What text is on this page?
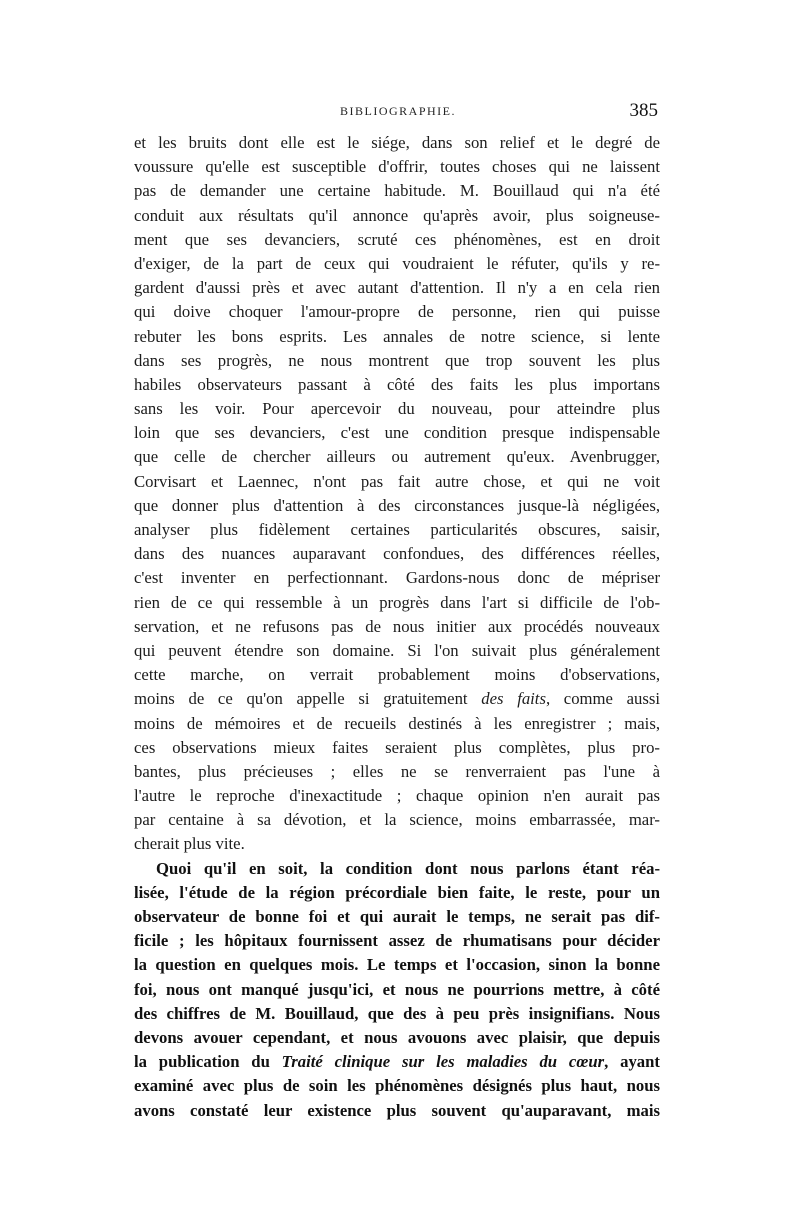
BIBLIOGRAPHIE.	385
et les bruits dont elle est le siége, dans son relief et le degré de
voussure qu'elle est susceptible d'offrir, toutes choses qui ne laissent
pas de demander une certaine habitude. M. Bouillaud qui n'a été
conduit aux résultats qu'il annonce qu'après avoir, plus soigneuse-
ment que ses devanciers, scruté ces phénomènes, est en droit
d'exiger, de la part de ceux qui voudraient le réfuter, qu'ils y re-
gardent d'aussi près et avec autant d'attention. Il n'y a en cela rien
qui doive choquer l'amour-propre de personne, rien qui puisse
rebuter les bons esprits. Les annales de notre science, si lente
dans ses progrès, ne nous montrent que trop souvent les plus
habiles observateurs passant à côté des faits les plus importans
sans les voir. Pour apercevoir du nouveau, pour atteindre plus
loin que ses devanciers, c'est une condition presque indispensable
que celle de chercher ailleurs ou autrement qu'eux. Avenbrugger,
Corvisart et Laennec, n'ont pas fait autre chose, et qui ne voit
que donner plus d'attention à des circonstances jusque-là négligées,
analyser plus fidèlement certaines particularités obscures, saisir,
dans des nuances auparavant confondues, des différences réelles,
c'est inventer en perfectionnant. Gardons-nous donc de mépriser
rien de ce qui ressemble à un progrès dans l'art si difficile de l'ob-
servation, et ne refusons pas de nous initier aux procédés nouveaux
qui peuvent étendre son domaine. Si l'on suivait plus généralement
cette marche, on verrait probablement moins d'observations,
moins de ce qu'on appelle si gratuitement des faits, comme aussi
moins de mémoires et de recueils destinés à les enregistrer ; mais,
ces observations mieux faites seraient plus complètes, plus pro-
bantes, plus précieuses ; elles ne se renverraient pas l'une à
l'autre le reproche d'inexactitude ; chaque opinion n'en aurait pas
par centaine à sa dévotion, et la science, moins embarrassée, mar-
cherait plus vite.
Quoi qu'il en soit, la condition dont nous parlons étant réa-
lisée, l'étude de la région précordiale bien faite, le reste, pour un
observateur de bonne foi et qui aurait le temps, ne serait pas dif-
ficile ; les hôpitaux fournissent assez de rhumatisans pour décider
la question en quelques mois. Le temps et l'occasion, sinon la bonne
foi, nous ont manqué jusqu'ici, et nous ne pourrions mettre, à côté
des chiffres de M. Bouillaud, que des à peu près insignifians. Nous
devons avouer cependant, et nous avouons avec plaisir, que depuis
la publication du Traité clinique sur les maladies du cœur, ayant
examiné avec plus de soin les phénomènes désignés plus haut, nous
avons constaté leur existence plus souvent qu'auparavant, mais
